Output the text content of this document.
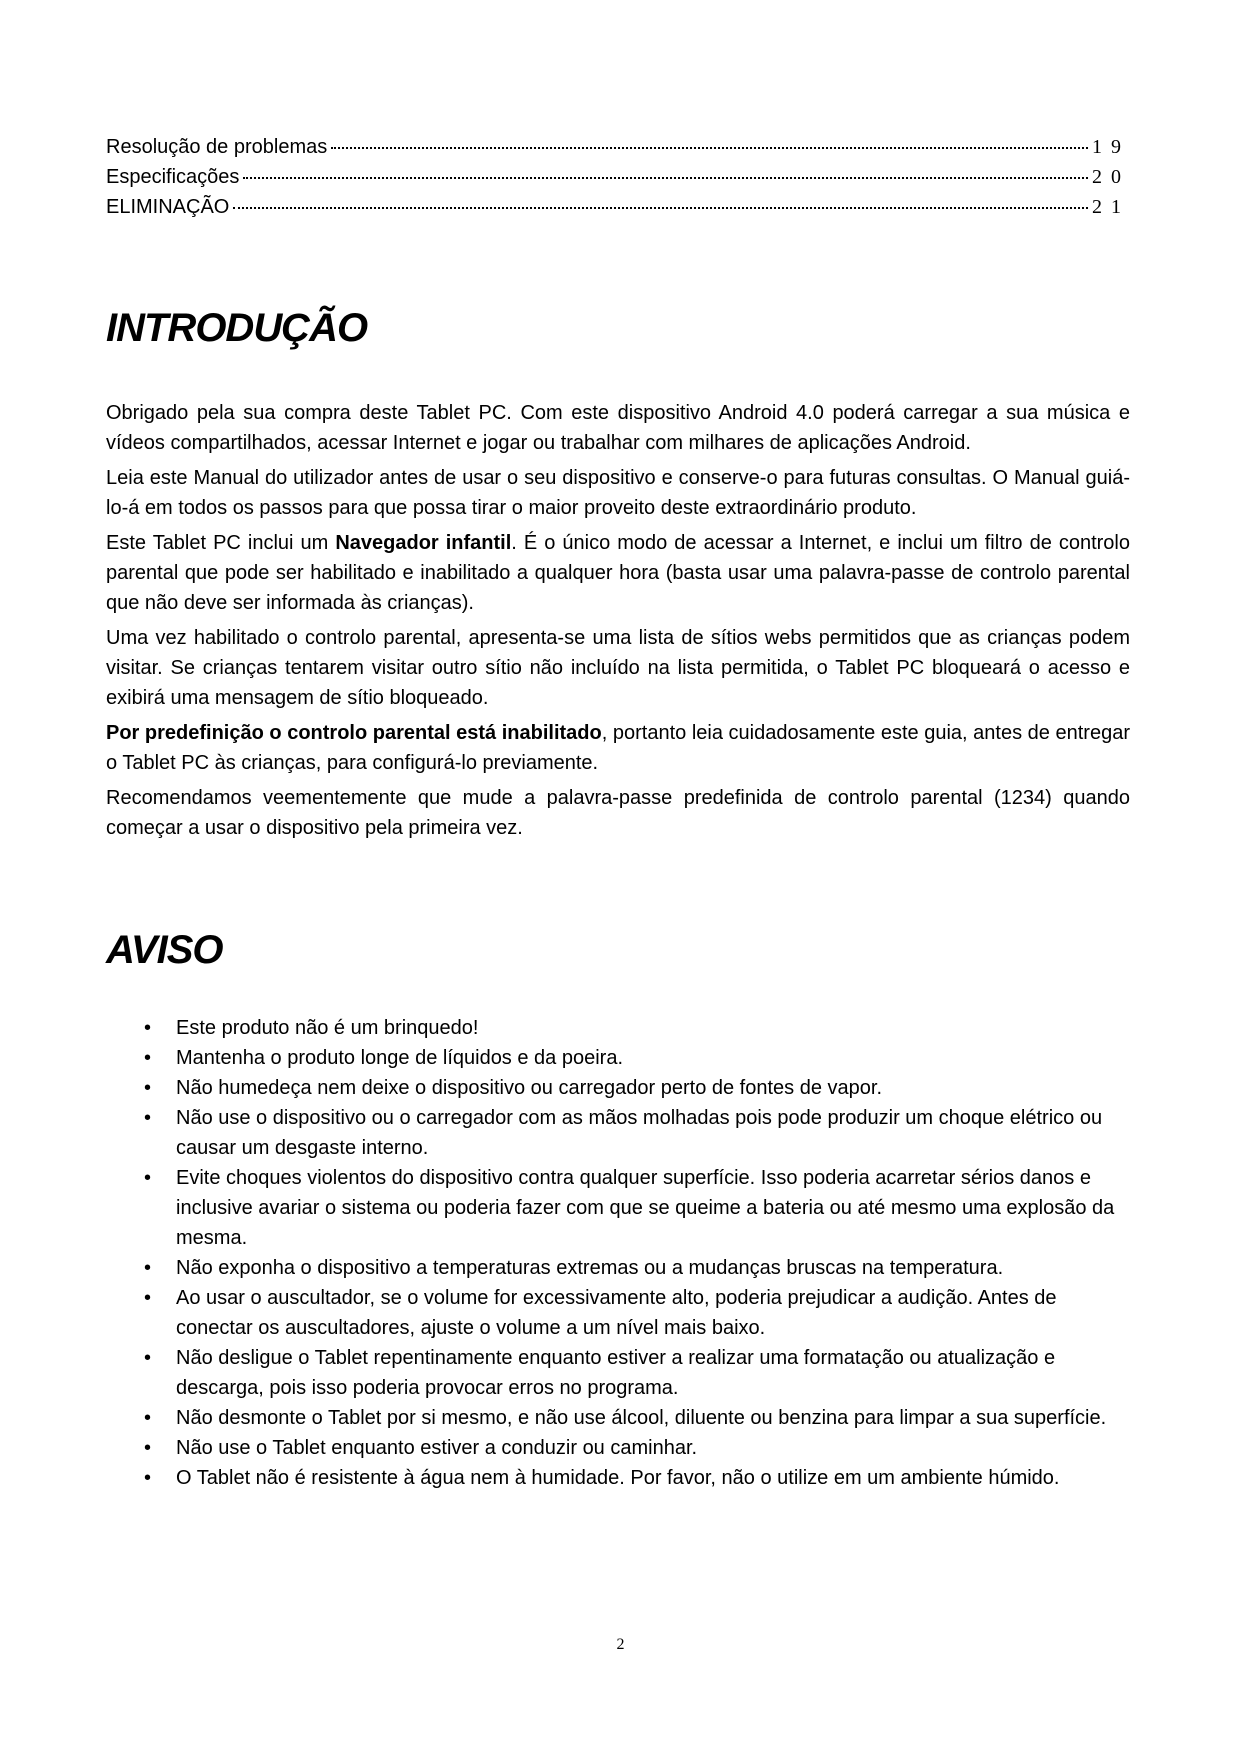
Resolução de problemas	19
Especificações	20
ELIMINAÇÃO	21
INTRODUÇÃO

Obrigado pela sua compra deste Tablet PC. Com este dispositivo Android 4.0 poderá carregar a sua música e vídeos compartilhados, acessar Internet e jogar ou trabalhar com milhares de aplicações Android.

Leia este Manual do utilizador antes de usar o seu dispositivo e conserve-o para futuras consultas. O Manual guiá-lo-á em todos os passos para que possa tirar o maior proveito deste extraordinário produto.

Este Tablet PC inclui um Navegador infantil. É o único modo de acessar a Internet, e inclui um filtro de controlo parental que pode ser habilitado e inabilitado a qualquer hora (basta usar uma palavra-passe de controlo parental que não deve ser informada às crianças).

Uma vez habilitado o controlo parental, apresenta-se uma lista de sítios webs permitidos que as crianças podem visitar. Se crianças tentarem visitar outro sítio não incluído na lista permitida, o Tablet PC bloqueará o acesso e exibirá uma mensagem de sítio bloqueado.

Por predefinição o controlo parental está inabilitado, portanto leia cuidadosamente este guia, antes de entregar o Tablet PC às crianças, para configurá-lo previamente.

Recomendamos veementemente que mude a palavra-passe predefinida de controlo parental (1234) quando começar a usar o dispositivo pela primeira vez.

AVISO
• Este produto não é um brinquedo!
• Mantenha o produto longe de líquidos e da poeira.
• Não humedeça nem deixe o dispositivo ou carregador perto de fontes de vapor.
• Não use o dispositivo ou o carregador com as mãos molhadas pois pode produzir um choque elétrico ou causar um desgaste interno.
• Evite choques violentos do dispositivo contra qualquer superfície. Isso poderia acarretar sérios danos e inclusive avariar o sistema ou poderia fazer com que se queime a bateria ou até mesmo uma explosão da mesma.
• Não exponha o dispositivo a temperaturas extremas ou a mudanças bruscas na temperatura.
• Ao usar o auscultador, se o volume for excessivamente alto, poderia prejudicar a audição. Antes de conectar os auscultadores, ajuste o volume a um nível mais baixo.
• Não desligue o Tablet repentinamente enquanto estiver a realizar uma formatação ou atualização e descarga, pois isso poderia provocar erros no programa.
• Não desmonte o Tablet por si mesmo, e não use álcool, diluente ou benzina para limpar a sua superfície.
• Não use o Tablet enquanto estiver a conduzir ou caminhar.
• O Tablet não é resistente à água nem à humidade. Por favor, não o utilize em um ambiente húmido.
2
